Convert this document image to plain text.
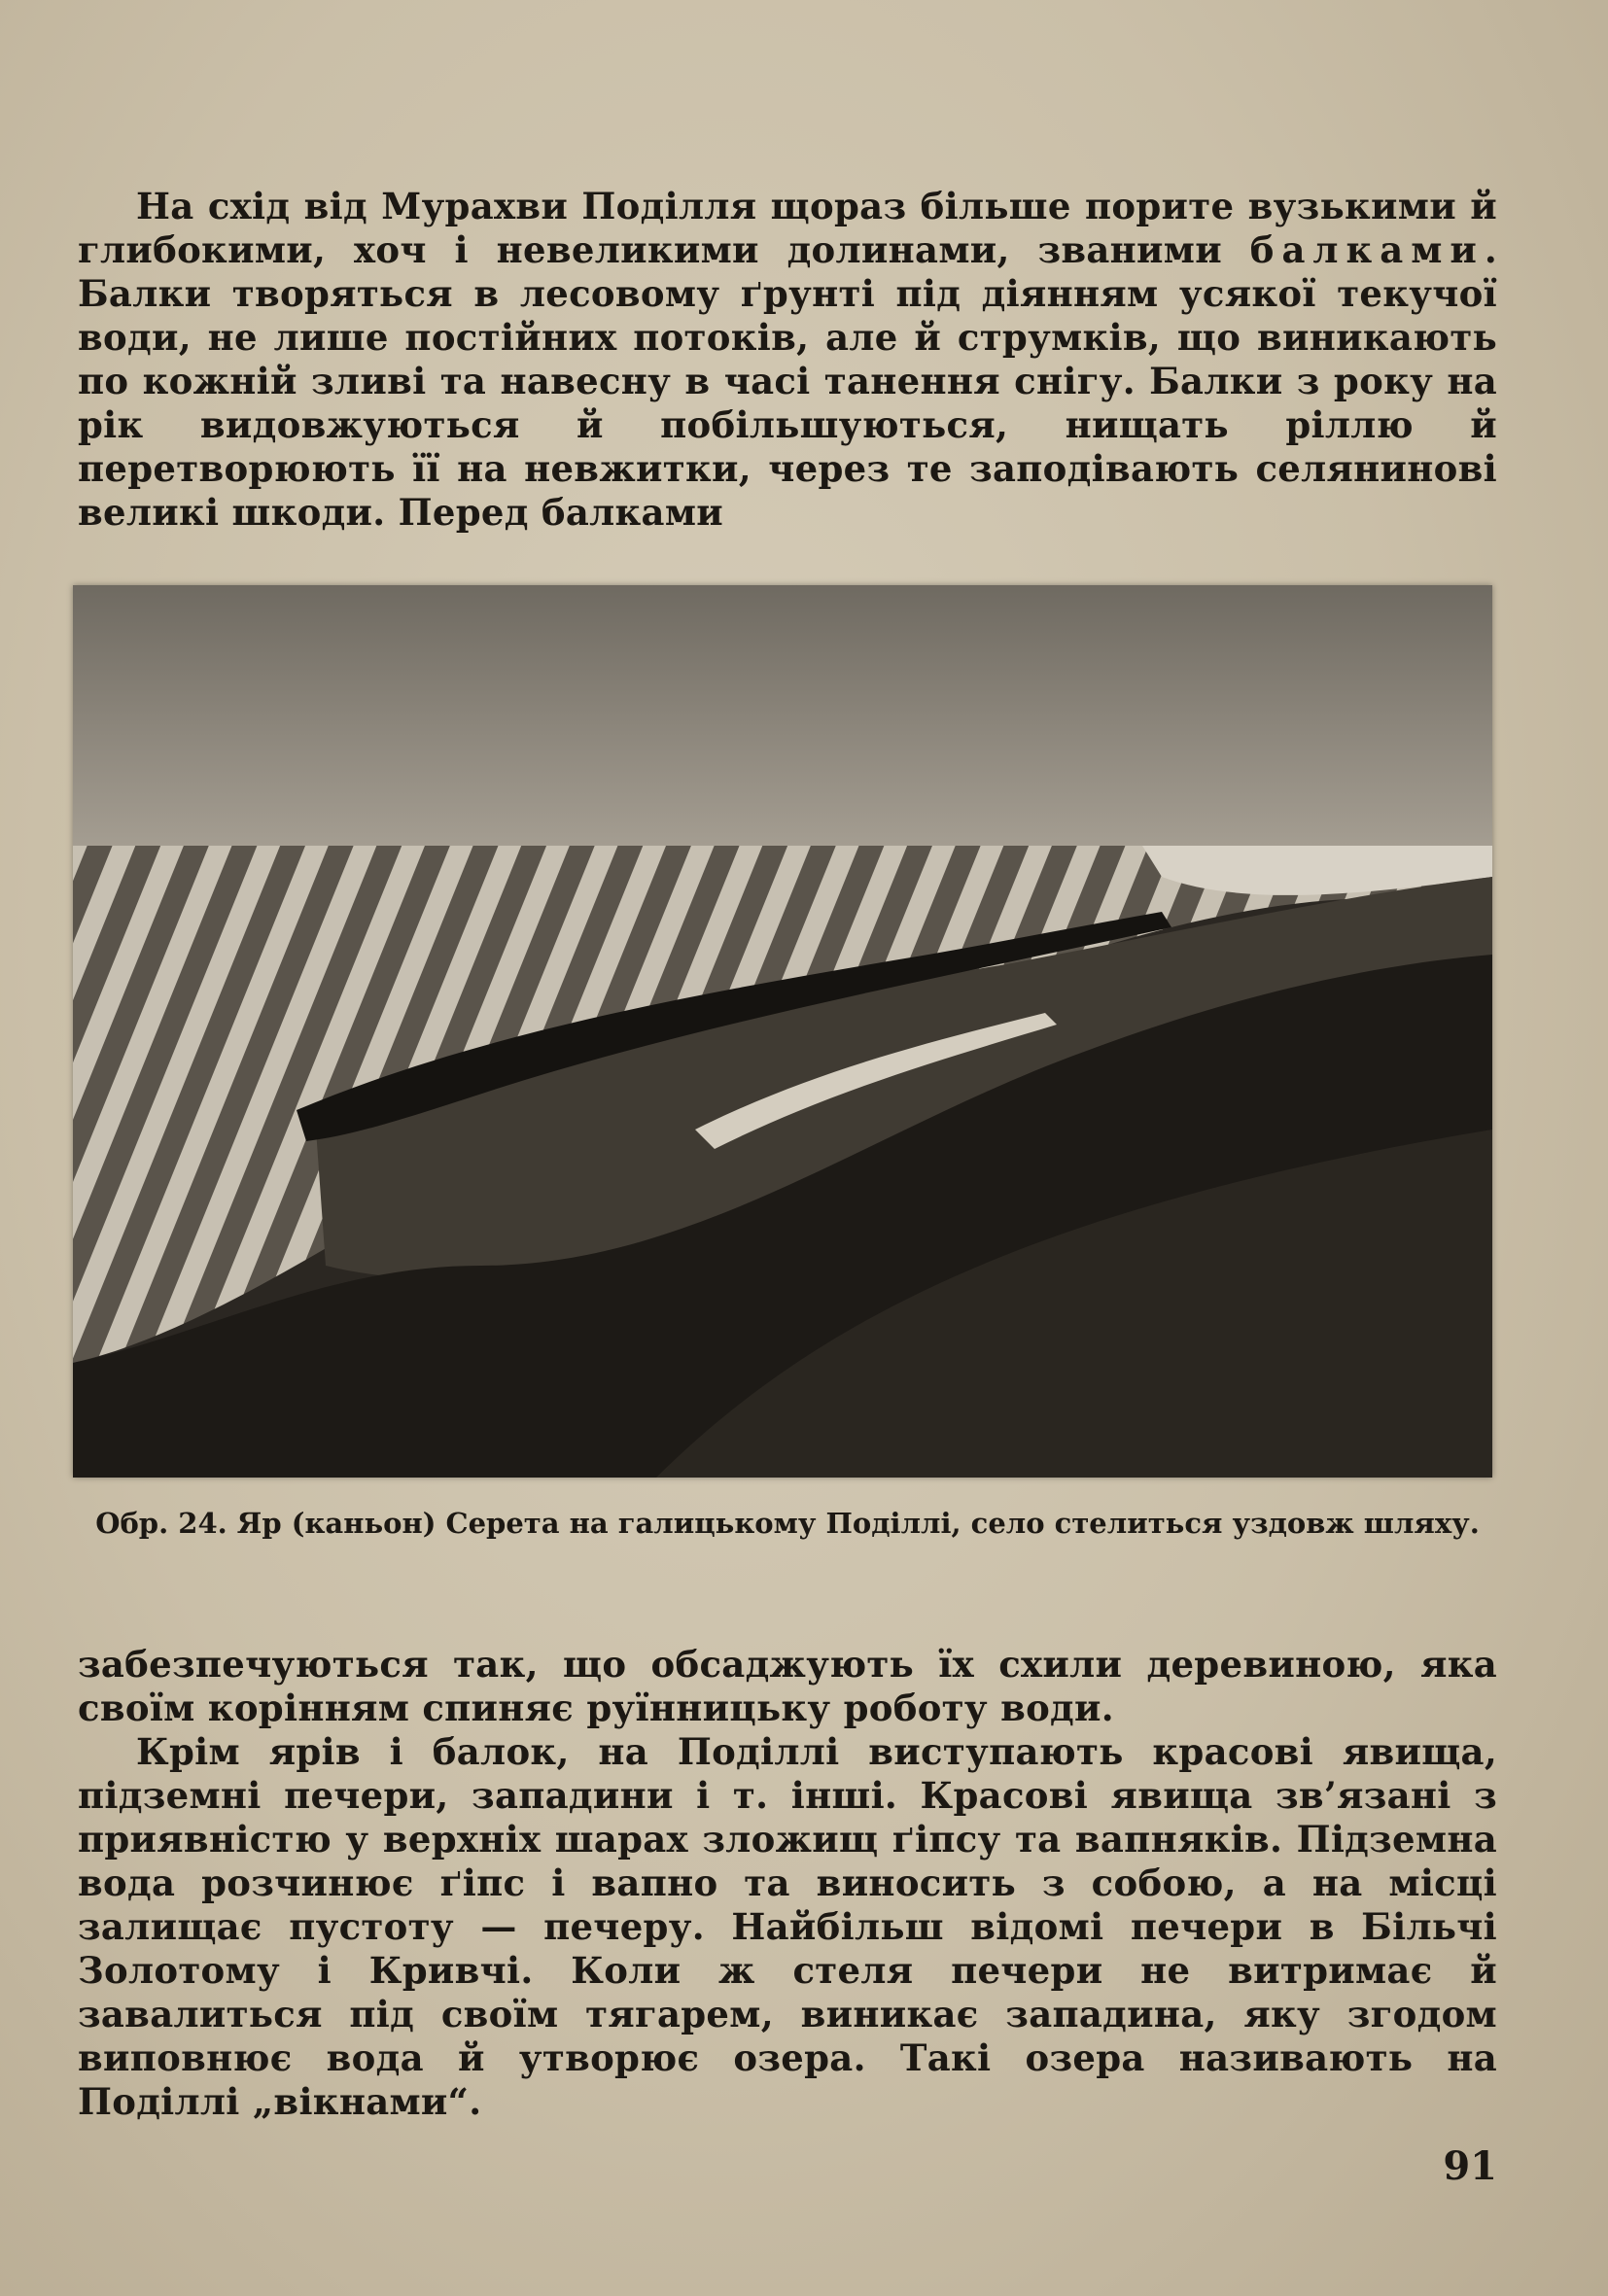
На схід від Мурахви Поділля щораз більше порите вузькими й глибокими, хоч і невеликими долинами, званими балками. Балки творяться в лесовому ґрунті під діянням усякої текучої води, не лише постійних потоків, але й струмків, що виникають по кожній зливі та навесну в часі танення снігу. Балки з року на рік видовжуються й побільшуються, нищать ріллю й перетворюють її на невжитки, через те заподівають селянинові великі шкоди. Перед балками

Обр. 24. Яр (каньон) Серета на галицькому Поділлі, село стелиться уздовж шляху.

забезпечуються так, що обсаджують їх схили деревиною, яка своїм корінням спиняє руїнницьку роботу води.

Крім ярів і балок, на Поділлі виступають красові явища, підземні печери, западини і т. інші. Красові явища зв’язані з приявністю у верхніх шарах зложищ ґіпсу та вапняків. Підземна вода розчинює ґіпс і вапно та виносить з собою, а на місці залищає пустоту — печеру. Найбільш відомі печери в Більчі Золотому і Кривчі. Коли ж стеля печери не витримає й завалиться під своїм тягарем, виникає западина, яку згодом виповнює вода й утворює озера. Такі озера називають на Поділлі „вікнами“.

91
